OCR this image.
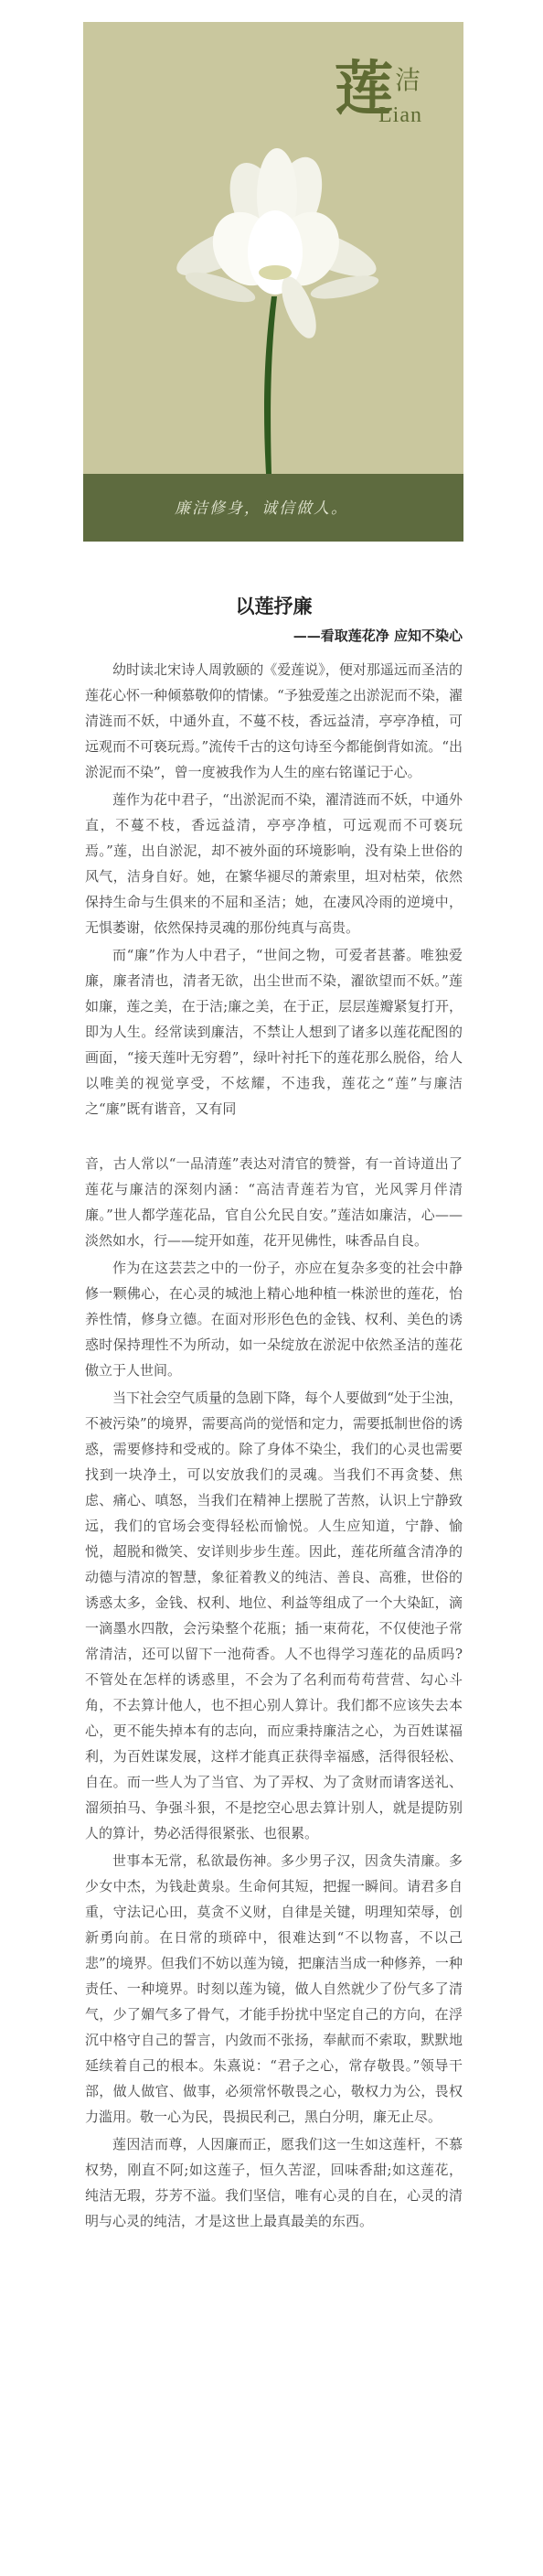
莲 洁
Lian
廉洁修身，诚信做人。
以莲抒廉
——看取莲花净 应知不染心

幼时读北宋诗人周敦颐的《爱莲说》，便对那遥远而圣洁的莲花心怀一种倾慕敬仰的情愫。“予独爱莲之出淤泥而不染，濯清涟而不妖，中通外直，不蔓不枝，香远益清，亭亭净植，可远观而不可亵玩焉。”流传千古的这句诗至今都能倒背如流。“出淤泥而不染”，曾一度被我作为人生的座右铭谨记于心。

莲作为花中君子，“出淤泥而不染，濯清涟而不妖，中通外直，不蔓不枝，香远益清，亭亭净植，可远观而不可亵玩焉。”莲，出自淤泥，却不被外面的环境影响，没有染上世俗的风气，洁身自好。她，在繁华褪尽的萧索里，坦对枯荣，依然保持生命与生俱来的不屈和圣洁；她，在凄风冷雨的逆境中，无惧萎谢，依然保持灵魂的那份纯真与高贵。

而“廉”作为人中君子，“世间之物，可爱者甚蕃。唯独爱廉，廉者清也，清者无欲，出尘世而不染，濯欲望而不妖。”莲如廉，莲之美，在于洁;廉之美，在于正，层层莲瓣紧复打开，即为人生。经常读到廉洁，不禁让人想到了诸多以莲花配图的画面，“接天莲叶无穷碧”，绿叶衬托下的莲花那么脱俗，给人以唯美的视觉享受，不炫耀，不违我，莲花之“莲”与廉洁之“廉”既有谐音，又有同

音，古人常以“一品清莲”表达对清官的赞誉，有一首诗道出了莲花与廉洁的深刻内涵：“高洁青莲若为官，光风霁月伴清廉。”世人都学莲花品，官自公允民自安。”莲洁如廉洁，心——淡然如水，行——绽开如莲，花开见佛性，味香品自良。

作为在这芸芸之中的一份子，亦应在复杂多变的社会中静修一颗佛心，在心灵的城池上精心地种植一株淤世的莲花，怡养性情，修身立德。在面对形形色色的金钱、权利、美色的诱惑时保持理性不为所动，如一朵绽放在淤泥中依然圣洁的莲花傲立于人世间。

当下社会空气质量的急剧下降，每个人要做到“处于尘浊，不被污染”的境界，需要高尚的觉悟和定力，需要抵制世俗的诱惑，需要修持和受戒的。除了身体不染尘，我们的心灵也需要找到一块净土，可以安放我们的灵魂。当我们不再贪婪、焦虑、痛心、嗔怒，当我们在精神上摆脱了苦熬，认识上宁静致远，我们的官场会变得轻松而愉悦。人生应知道，宁静、愉悦，超脱和微笑、安详则步步生莲。因此，莲花所蕴含清净的动德与清凉的智慧，象征着教义的纯洁、善良、高雅，世俗的诱惑太多，金钱、权利、地位、利益等组成了一个大染缸，滴一滴墨水四散，会污染整个花瓶；插一束荷花，不仅使池子常常清洁，还可以留下一池荷香。人不也得学习莲花的品质吗?不管处在怎样的诱惑里，不会为了名利而苟苟营营、勾心斗角，不去算计他人，也不担心别人算计。我们都不应该失去本心，更不能失掉本有的志向，而应秉持廉洁之心，为百姓谋福利，为百姓谋发展，这样才能真正获得幸福感，活得很轻松、自在。而一些人为了当官、为了弄权、为了贪财而请客送礼、溜须拍马、争强斗狠，不是挖空心思去算计别人，就是提防别人的算计，势必活得很紧张、也很累。

世事本无常，私欲最伤神。多少男子汉，因贪失清廉。多少女中杰，为钱赴黄泉。生命何其短，把握一瞬间。请君多自重，守法记心田，莫贪不义财，自律是关键，明理知荣辱，创新勇向前。在日常的琐碎中，很难达到“不以物喜，不以己悲”的境界。但我们不妨以莲为镜，把廉洁当成一种修养，一种责任、一种境界。时刻以莲为镜，做人自然就少了份气多了清气，少了媚气多了骨气，才能手扮扰中坚定自己的方向，在浮沉中格守自己的誓言，内敛而不张扬，奉献而不索取，默默地延续着自己的根本。朱熹说：“君子之心，常存敬畏。”领导干部，做人做官、做事，必须常怀敬畏之心，敬权力为公，畏权力滥用。敬一心为民，畏损民利己，黑白分明，廉无止尽。

莲因洁而尊，人因廉而正，愿我们这一生如这莲杆，不慕权势，刚直不阿;如这莲子，恒久苦涩，回味香甜;如这莲花，纯洁无瑕，芬芳不溢。我们坚信，唯有心灵的自在，心灵的清明与心灵的纯洁，才是这世上最真最美的东西。
